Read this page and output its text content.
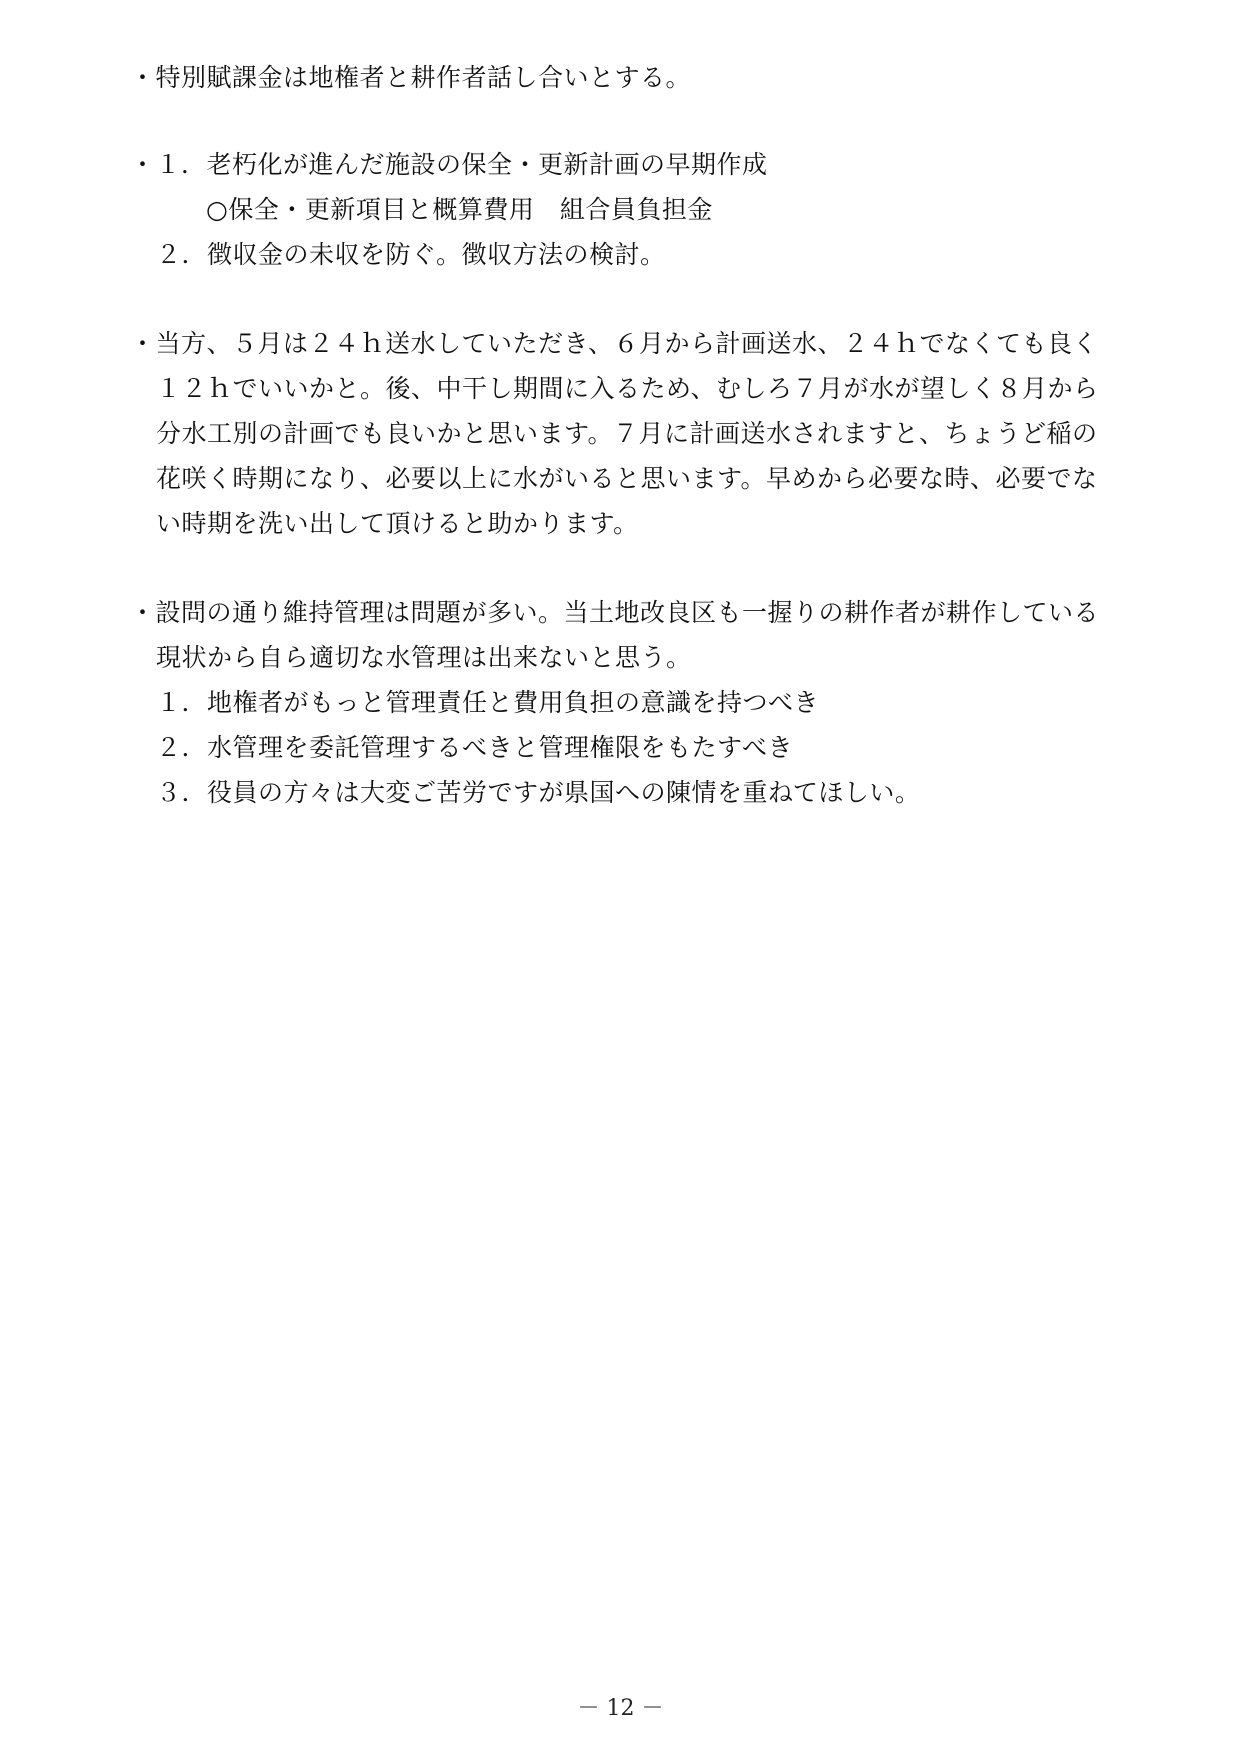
・特別賦課金は地権者と耕作者話し合いとする。
・１．老朽化が進んだ施設の保全・更新計画の早期作成
○保全・更新項目と概算費用　組合員負担金
２．徴収金の未収を防ぐ。徴収方法の検討。
・当方、５月は２４ｈ送水していただき、６月から計画送水、２４ｈでなくても良く
１２ｈでいいかと。後、中干し期間に入るため、むしろ７月が水が望しく８月から
分水工別の計画でも良いかと思います。７月に計画送水されますと、ちょうど稲の
花咲く時期になり、必要以上に水がいると思います。早めから必要な時、必要でな
い時期を洗い出して頂けると助かります。
・設問の通り維持管理は問題が多い。当土地改良区も一握りの耕作者が耕作している
現状から自ら適切な水管理は出来ないと思う。
１．地権者がもっと管理責任と費用負担の意識を持つべき
２．水管理を委託管理するべきと管理権限をもたすべき
３．役員の方々は大変ご苦労ですが県国への陳情を重ねてほしい。
－ 12 －
